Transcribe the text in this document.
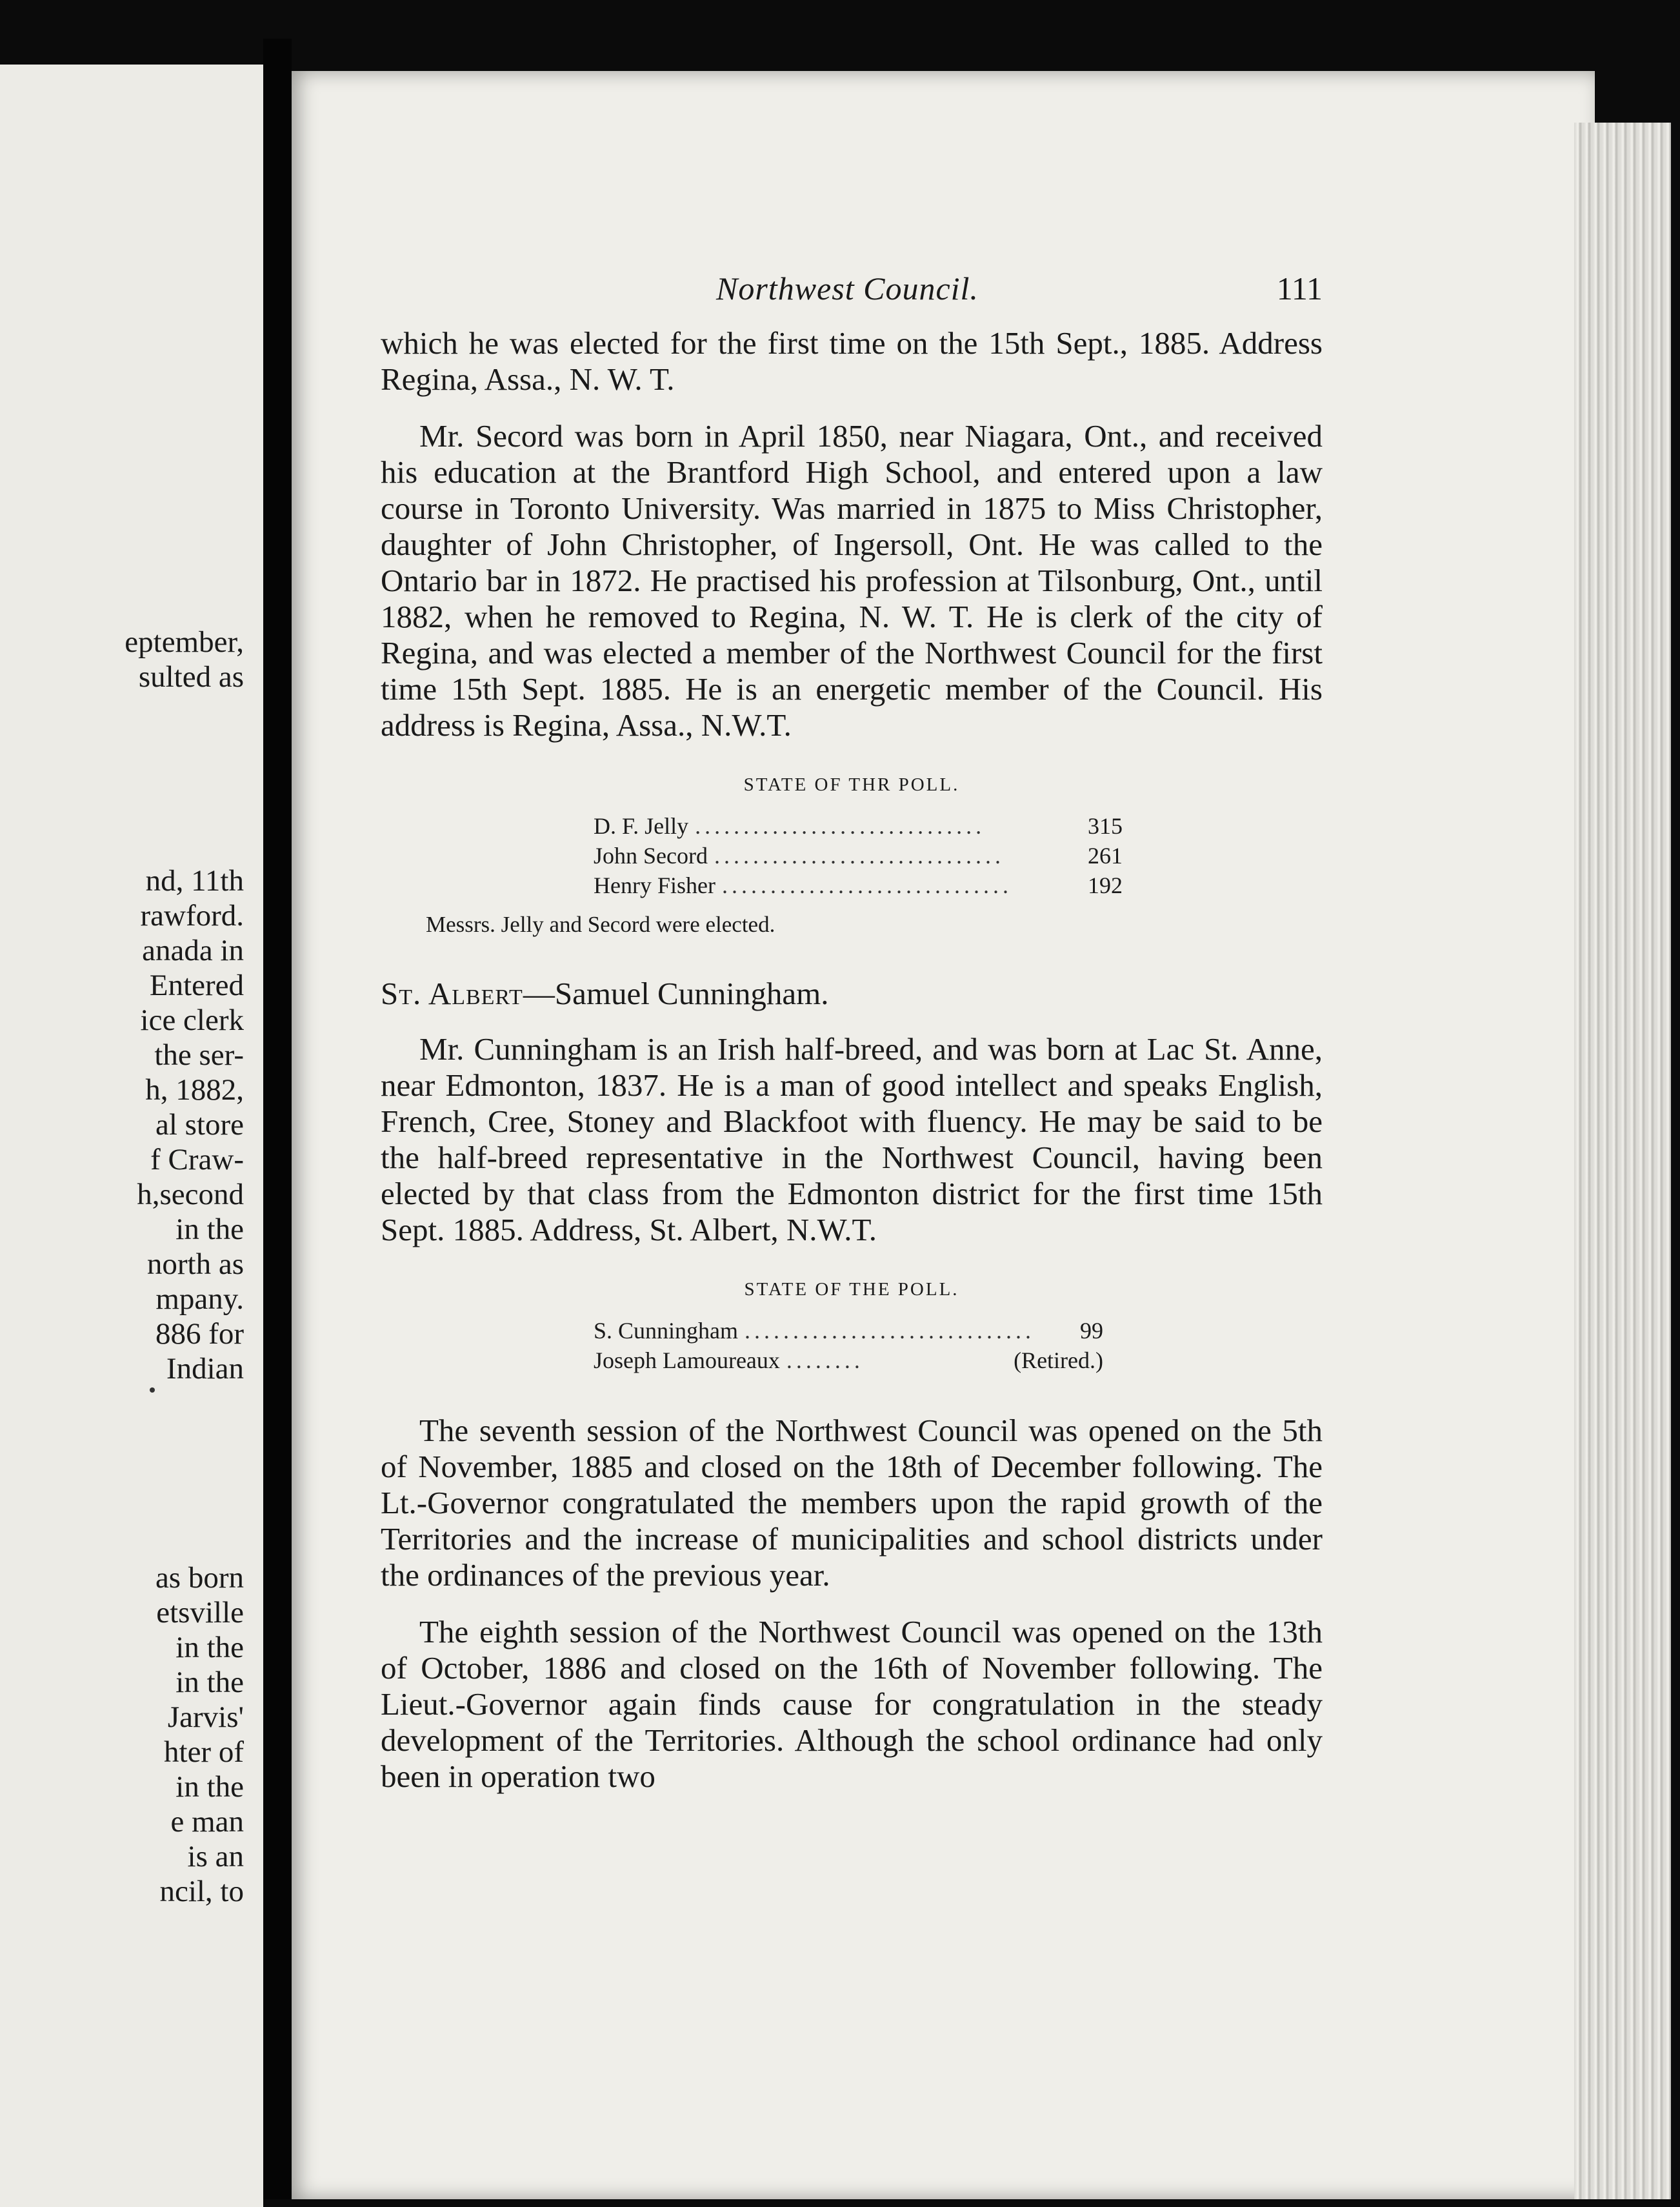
eptember,
sulted as
nd, 11th
rawford.
anada in
Entered
ice clerk
the ser-
h, 1882,
al store
f Craw-
h,second
in the
north as
mpany.
886 for
Indian
as born
etsville
in the
in the
Jarvis'
hter of
in the
e man
is an
ncil, to
Northwest Council.	111

which he was elected for the first time on the 15th Sept., 1885. Address Regina, Assa., N. W. T.

Mr. Secord was born in April 1850, near Niagara, Ont., and received his education at the Brantford High School, and entered upon a law course in Toronto University. Was married in 1875 to Miss Christopher, daughter of John Christopher, of Ingersoll, Ont. He was called to the Ontario bar in 1872. He practised his profession at Tilsonburg, Ont., until 1882, when he removed to Regina, N. W. T. He is clerk of the city of Regina, and was elected a member of the Northwest Council for the first time 15th Sept. 1885. He is an energetic member of the Council. His address is Regina, Assa., N.W.T.

STATE OF THR POLL.
D. F. Jelly ..............................	315
John Secord ..............................	261
Henry Fisher ..............................	192
Messrs. Jelly and Secord were elected.
St. Albert—Samuel Cunningham.

Mr. Cunningham is an Irish half-breed, and was born at Lac St. Anne, near Edmonton, 1837. He is a man of good intellect and speaks English, French, Cree, Stoney and Blackfoot with fluency. He may be said to be the half-breed representative in the Northwest Council, having been elected by that class from the Edmonton district for the first time 15th Sept. 1885. Address, St. Albert, N.W.T.

STATE OF THE POLL.
S. Cunningham ..............................	99
Joseph Lamoureaux ........	(Retired.)

The seventh session of the Northwest Council was opened on the 5th of November, 1885 and closed on the 18th of December following. The Lt.-Governor congratulated the members upon the rapid growth of the Territories and the increase of municipalities and school districts under the ordinances of the previous year.

The eighth session of the Northwest Council was opened on the 13th of October, 1886 and closed on the 16th of November following. The Lieut.-Governor again finds cause for congratulation in the steady development of the Territories. Although the school ordinance had only been in operation two
